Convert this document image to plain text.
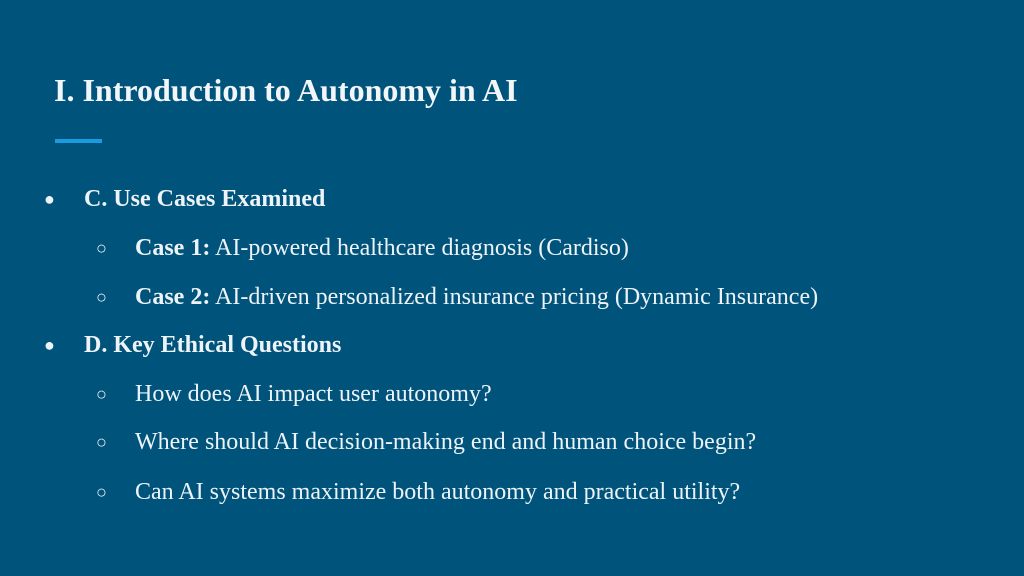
I. Introduction to Autonomy in AI
● C. Use Cases Examined
○ Case 1: AI-powered healthcare diagnosis (Cardiso)
○ Case 2: AI-driven personalized insurance pricing (Dynamic Insurance)
● D. Key Ethical Questions
○ How does AI impact user autonomy?
○ Where should AI decision-making end and human choice begin?
○ Can AI systems maximize both autonomy and practical utility?
